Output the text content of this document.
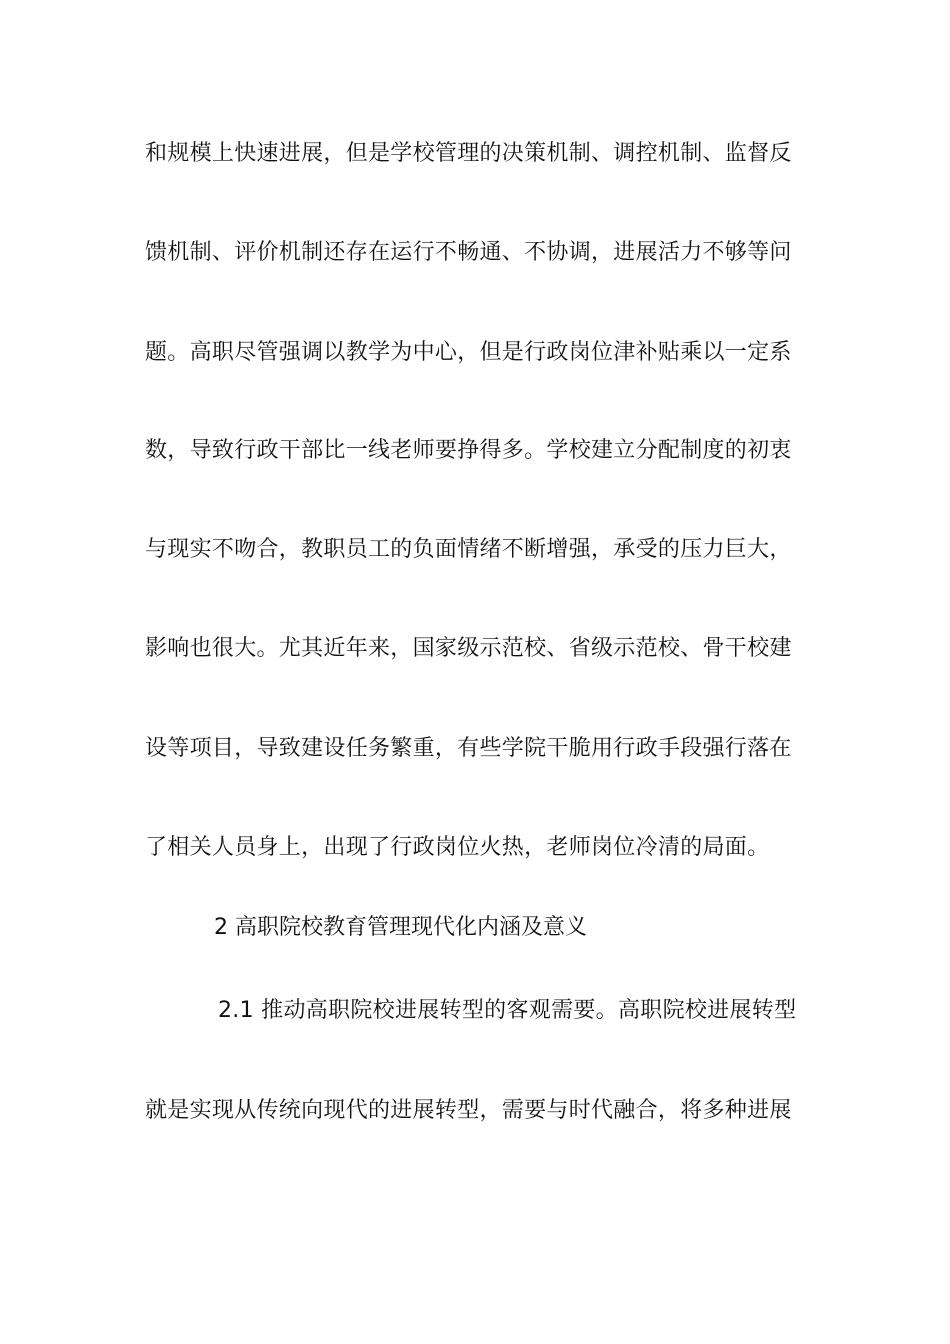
和规模上快速进展，但是学校管理的决策机制、调控机制、监督反
馈机制、评价机制还存在运行不畅通、不协调，进展活力不够等问
题。高职尽管强调以教学为中心，但是行政岗位津补贴乘以一定系
数，导致行政干部比一线老师要挣得多。学校建立分配制度的初衷
与现实不吻合，教职员工的负面情绪不断增强，承受的压力巨大，
影响也很大。尤其近年来，国家级示范校、省级示范校、骨干校建
设等项目，导致建设任务繁重，有些学院干脆用行政手段强行落在
了相关人员身上，出现了行政岗位火热，老师岗位冷清的局面。
2 高职院校教育管理现代化内涵及意义
2.1 推动高职院校进展转型的客观需要。高职院校进展转型
就是实现从传统向现代的进展转型，需要与时代融合，将多种进展
